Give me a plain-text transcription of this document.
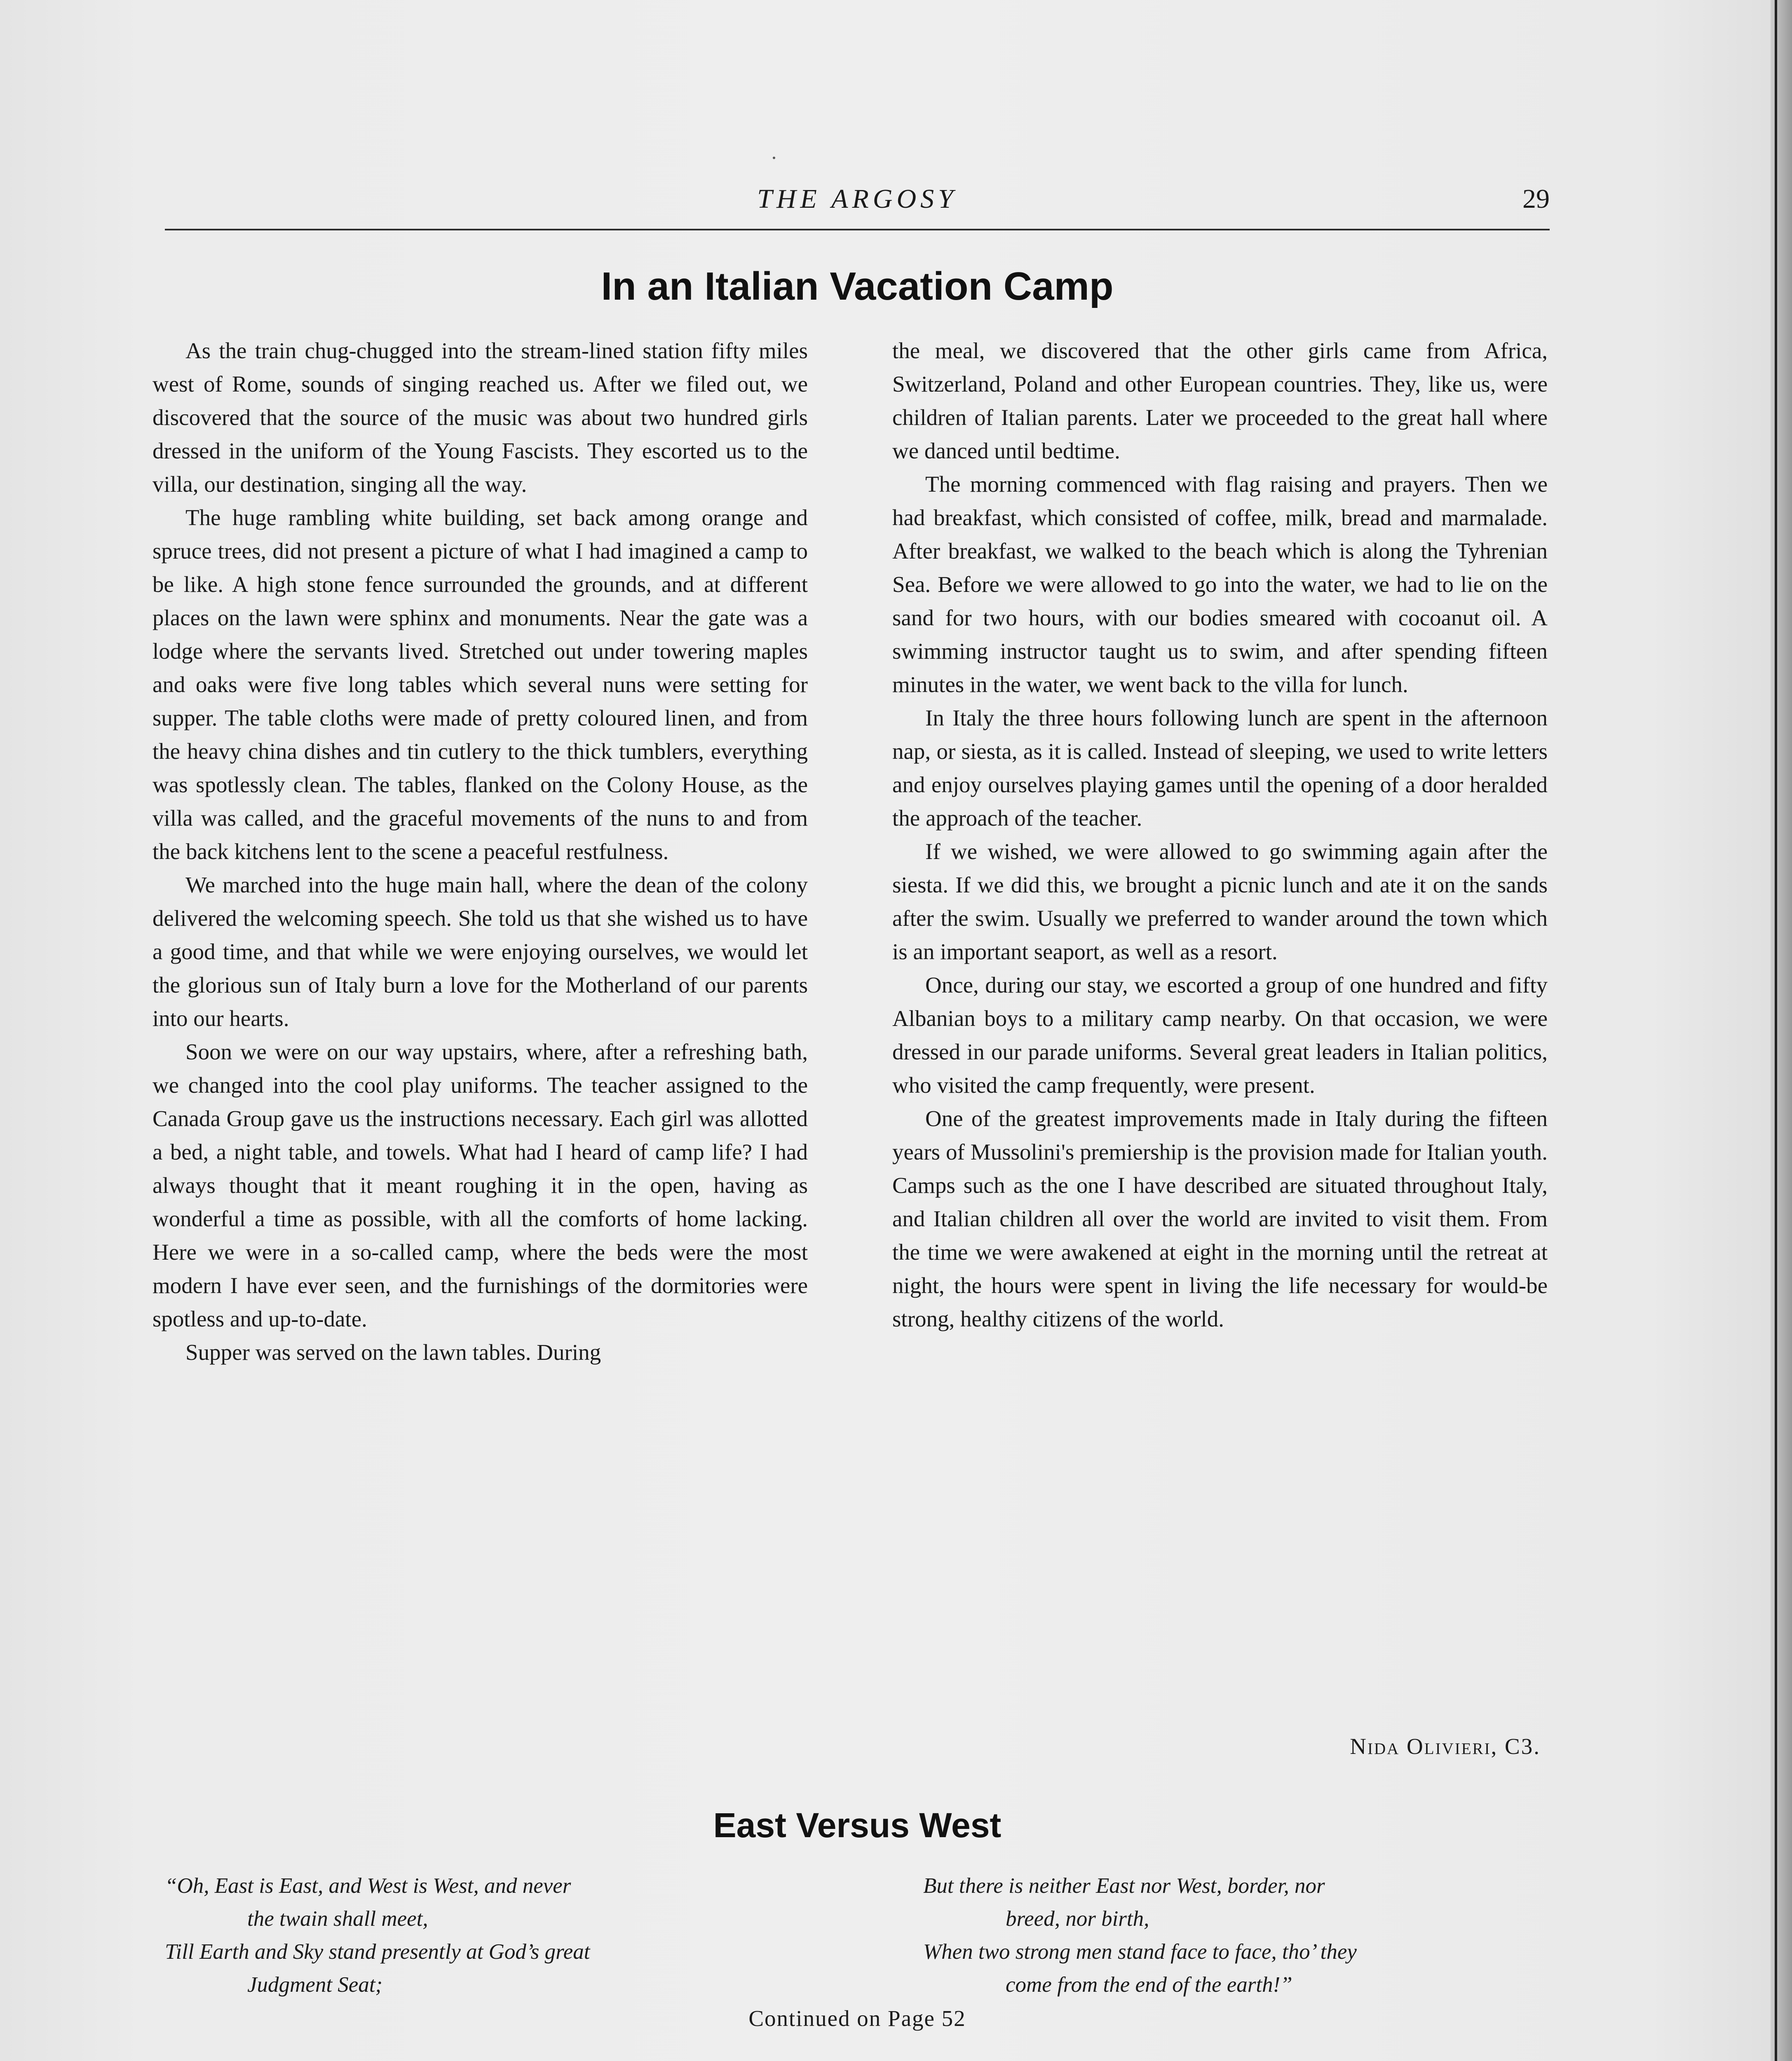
THE ARGOSY	29
In an Italian Vacation Camp

As the train chug-chugged into the stream-lined station fifty miles west of Rome, sounds of singing reached us. After we filed out, we discovered that the source of the music was about two hundred girls dressed in the uniform of the Young Fascists. They escorted us to the villa, our destination, singing all the way.

The huge rambling white building, set back among orange and spruce trees, did not present a picture of what I had imagined a camp to be like. A high stone fence surrounded the grounds, and at different places on the lawn were sphinx and monuments. Near the gate was a lodge where the servants lived. Stretched out under towering maples and oaks were five long tables which several nuns were setting for supper. The table cloths were made of pretty coloured linen, and from the heavy china dishes and tin cutlery to the thick tumblers, everything was spotlessly clean. The tables, flanked on the Colony House, as the villa was called, and the graceful movements of the nuns to and from the back kitchens lent to the scene a peaceful restfulness.

We marched into the huge main hall, where the dean of the colony delivered the welcoming speech. She told us that she wished us to have a good time, and that while we were enjoying ourselves, we would let the glorious sun of Italy burn a love for the Motherland of our parents into our hearts.

Soon we were on our way upstairs, where, after a refreshing bath, we changed into the cool play uniforms. The teacher assigned to the Canada Group gave us the instructions necessary. Each girl was allotted a bed, a night table, and towels. What had I heard of camp life? I had always thought that it meant roughing it in the open, having as wonderful a time as possible, with all the comforts of home lacking. Here we were in a so-called camp, where the beds were the most modern I have ever seen, and the furnishings of the dormitories were spotless and up-to-date.

Supper was served on the lawn tables. During

the meal, we discovered that the other girls came from Africa, Switzerland, Poland and other European countries. They, like us, were children of Italian parents. Later we proceeded to the great hall where we danced until bedtime.

The morning commenced with flag raising and prayers. Then we had breakfast, which consisted of coffee, milk, bread and marmalade. After breakfast, we walked to the beach which is along the Tyhrenian Sea. Before we were allowed to go into the water, we had to lie on the sand for two hours, with our bodies smeared with cocoanut oil. A swimming instructor taught us to swim, and after spending fifteen minutes in the water, we went back to the villa for lunch.

In Italy the three hours following lunch are spent in the afternoon nap, or siesta, as it is called. Instead of sleeping, we used to write letters and enjoy ourselves playing games until the opening of a door heralded the approach of the teacher.

If we wished, we were allowed to go swimming again after the siesta. If we did this, we brought a picnic lunch and ate it on the sands after the swim. Usually we preferred to wander around the town which is an important seaport, as well as a resort.

Once, during our stay, we escorted a group of one hundred and fifty Albanian boys to a military camp nearby. On that occasion, we were dressed in our parade uniforms. Several great leaders in Italian politics, who visited the camp frequently, were present.

One of the greatest improvements made in Italy during the fifteen years of Mussolini's premiership is the provision made for Italian youth. Camps such as the one I have described are situated throughout Italy, and Italian children all over the world are invited to visit them. From the time we were awakened at eight in the morning until the retreat at night, the hours were spent in living the life necessary for would-be strong, healthy citizens of the world.

Nida Olivieri, C3.
East Versus West

“Oh, East is East, and West is West, and never

the twain shall meet,

Till Earth and Sky stand presently at God’s great

Judgment Seat;

But there is neither East nor West, border, nor

breed, nor birth,

When two strong men stand face to face, tho’ they

come from the end of the earth!”

Continued on Page 52
